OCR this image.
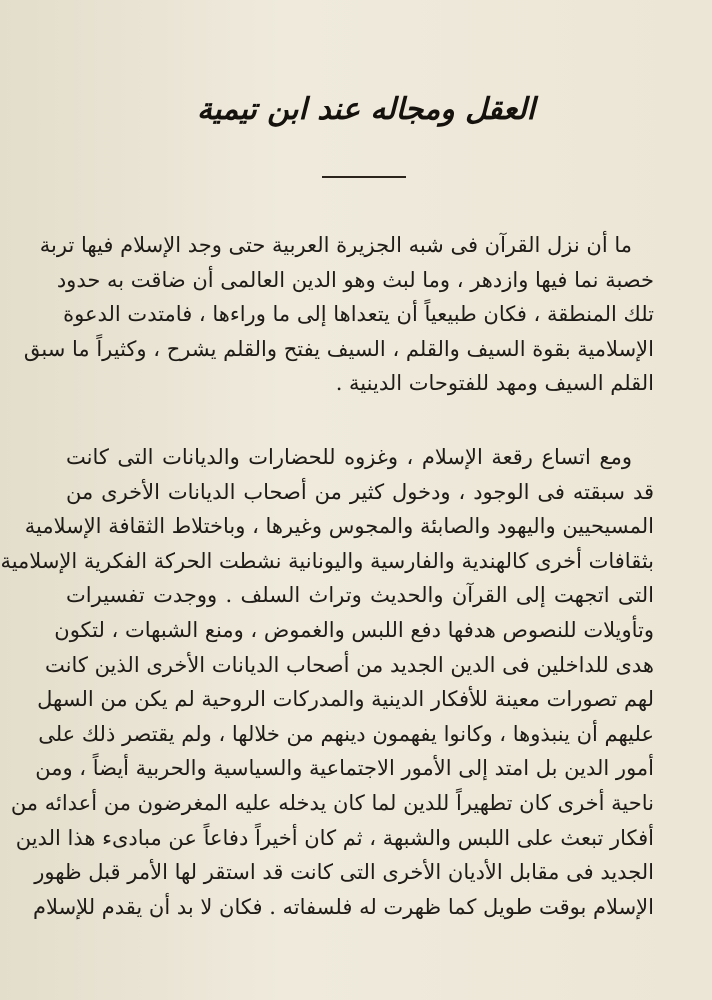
العقل ومجاله عند ابن تيمية
ما أن نزل القرآن فى شبه الجزيرة العربية حتى وجد الإسلام فيها تربة
خصبة نما فيها وازدهر ، وما لبث وهو الدين العالمى أن ضاقت به حدود
تلك المنطقة ، فكان طبيعياً أن يتعداها إلى ما وراءها ، فامتدت الدعوة
الإسلامية بقوة السيف والقلم ، السيف يفتح والقلم يشرح ، وكثيراً ما سبق
القلم السيف ومهد للفتوحات الدينية .
ومع اتساع رقعة الإسلام ، وغزوه للحضارات والديانات التى كانت
قد سبقته فى الوجود ، ودخول كثير من أصحاب الديانات الأخرى من
المسيحيين واليهود والصابئة والمجوس وغيرها ، وباختلاط الثقافة الإسلامية
بثقافات أخرى كالهندية والفارسية واليونانية نشطت الحركة الفكرية الإسلامية
التى اتجهت إلى القرآن والحديث وتراث السلف . ووجدت تفسيرات
وتأويلات للنصوص هدفها دفع اللبس والغموض ، ومنع الشبهات ، لتكون
هدى للداخلين فى الدين الجديد من أصحاب الديانات الأخرى الذين كانت
لهم تصورات معينة للأفكار الدينية والمدركات الروحية لم يكن من السهل
عليهم أن ينبذوها ، وكانوا يفهمون دينهم من خلالها ، ولم يقتصر ذلك على
أمور الدين بل امتد إلى الأمور الاجتماعية والسياسية والحربية أيضاً ، ومن
ناحية أخرى كان تطهيراً للدين لما كان يدخله عليه المغرضون من أعدائه من
أفكار تبعث على اللبس والشبهة ، ثم كان أخيراً دفاعاً عن مبادىء هذا الدين
الجديد فى مقابل الأديان الأخرى التى كانت قد استقر لها الأمر قبل ظهور
الإسلام بوقت طويل كما ظهرت له فلسفاته . فكان لا بد أن يقدم للإسلام
